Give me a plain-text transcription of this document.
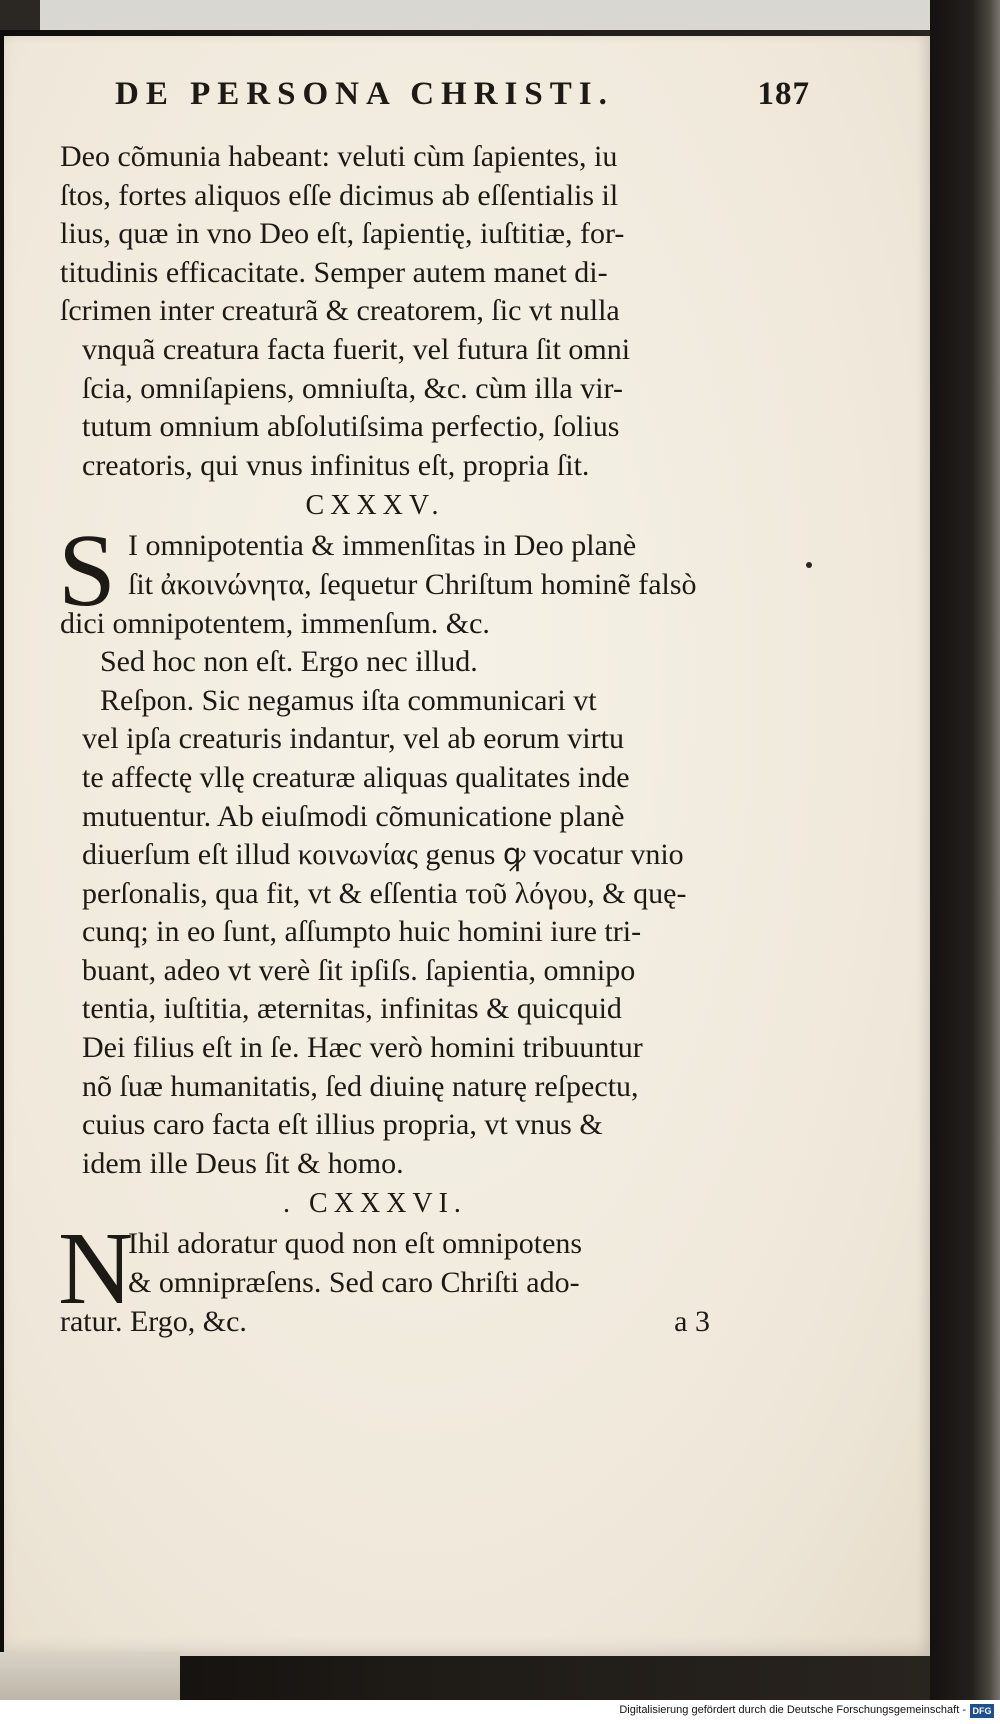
DE PERSONA CHRISTI.	187
Deo cõmunia habeant: veluti cùm ſapientes, iu
ſtos, fortes aliquos eſſe dicimus ab eſſentialis il
lius, quæ in vno Deo eſt, ſapientię, iuſtitiæ, for-
titudinis efficacitate. Semper autem manet di-
ſcrimen inter creaturã & creatorem, ſic vt nulla
vnquã creatura facta fuerit, vel futura ſit omni
ſcia, omniſapiens, omniuſta, &c. cùm illa vir-
tutum omnium abſolutiſsima perfectio, ſolius
creatoris, qui vnus infinitus eſt, propria ſit.
CXXXV.
S I omnipotentia & immenſitas in Deo planè
ſit ἀκοινώνητα, ſequetur Chriſtum hominẽ falsò
dici omnipotentem, immenſum. &c.
Sed hoc non eſt. Ergo nec illud.
Reſpon. Sic negamus iſta communicari vt
vel ipſa creaturis indantur, vel ab eorum virtu
te affectę vllę creaturæ aliquas qualitates inde
mutuentur. Ab eiuſmodi cõmunicatione planè
diuerſum eſt illud κοινωνίας genus ꝙ vocatur vnio
perſonalis, qua fit, vt & eſſentia τοῦ λόγου, & quę-
cunq; in eo ſunt, aſſumpto huic homini iure tri-
buant, adeo vt verè ſit ipſiſs. ſapientia, omnipo
tentia, iuſtitia, æternitas, infinitas & quicquid
Dei filius eſt in ſe. Hæc verò homini tribuuntur
nõ ſuæ humanitatis, ſed diuinę naturę reſpectu,
cuius caro facta eſt illius propria, vt vnus &
idem ille Deus ſit & homo.
. CXXXVI.
N
Ihil adoratur quod non eſt omnipotens
& omnipræſens. Sed caro Chriſti ado-
ratur. Ergo, &c.	a 3
Digitalisierung gefördert durch die Deutsche Forschungsgemeinschaft - DFG
